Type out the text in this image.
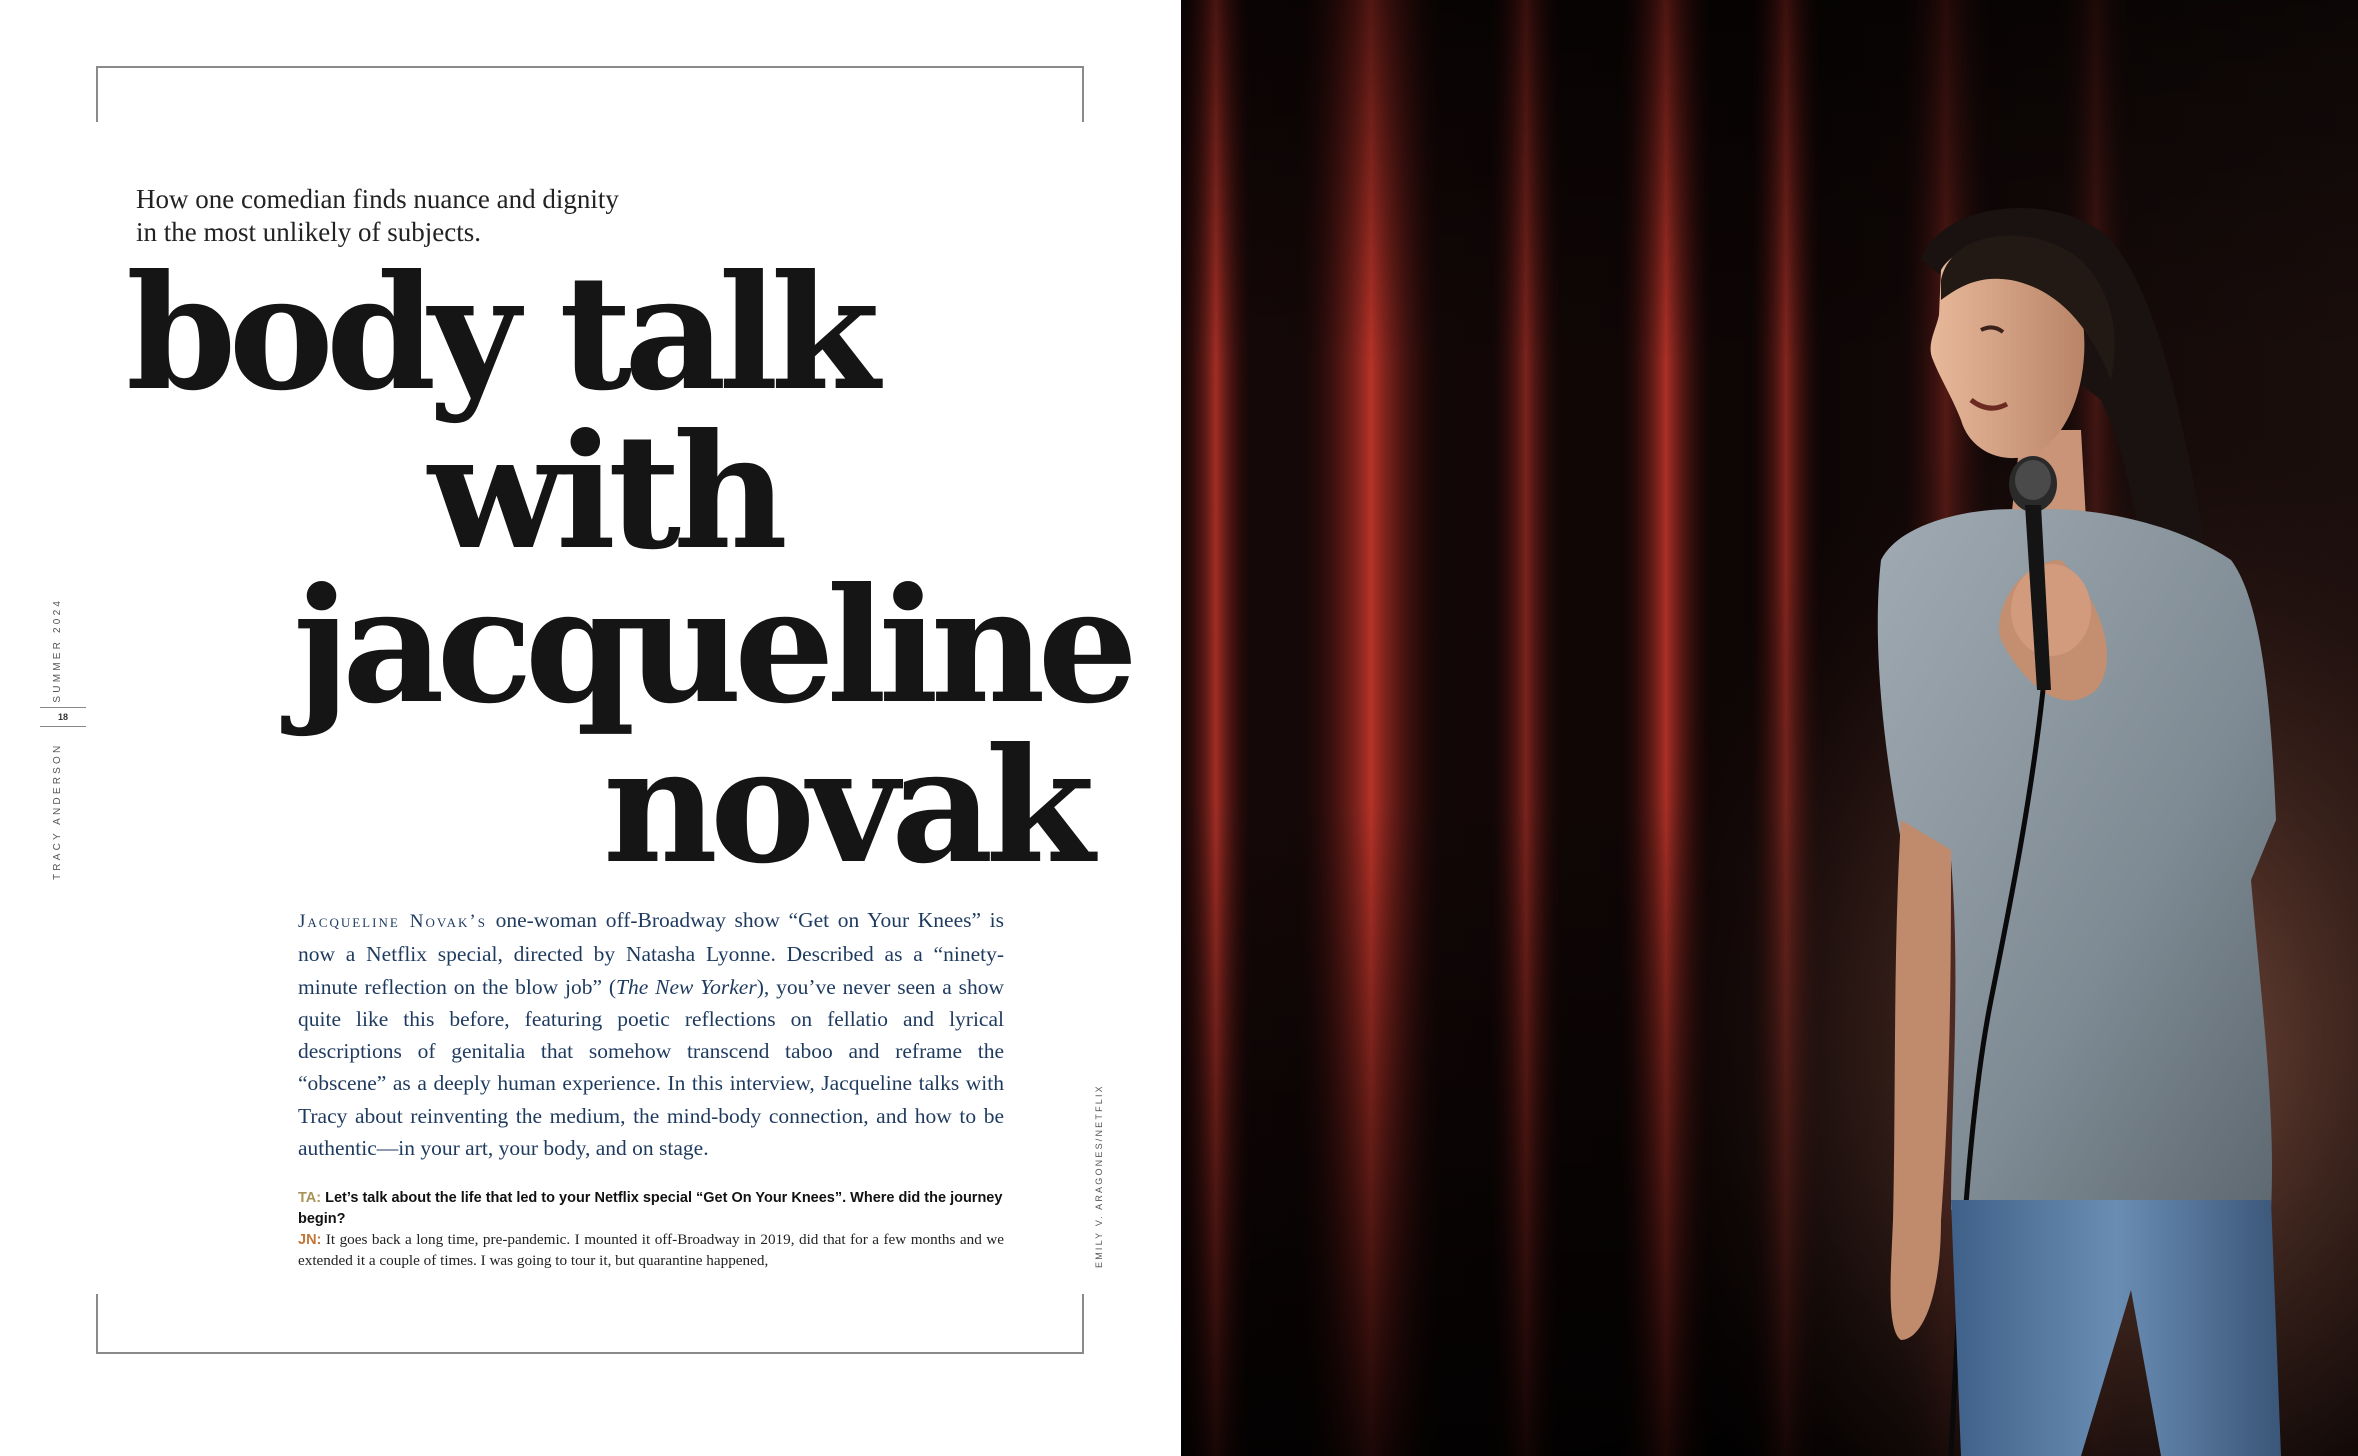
How one comedian finds nuance and dignity
in the most unlikely of subjects.
body talk
with
jacqueline
novak
Jacqueline Novak’s one-woman off-Broadway show “Get on Your Knees” is now a Netflix special, directed by Natasha Lyonne. Described as a “ninety-minute reflection on the blow job” (The New Yorker), you’ve never seen a show quite like this before, featuring poetic reflections on fellatio and lyrical descriptions of genitalia that somehow transcend taboo and reframe the “obscene” as a deeply human experience. In this interview, Jacqueline talks with Tracy about reinventing the medium, the mind-body connection, and how to be authentic—in your art, your body, and on stage.
TA: Let’s talk about the life that led to your Netflix special “Get On Your Knees”. Where did the journey begin?
JN: It goes back a long time, pre-pandemic. I mounted it off-Broadway in 2019, did that for a few months and we extended it a couple of times. I was going to tour it, but quarantine happened,
TRACY ANDERSONSUMMER 2024
18
EMILY V. ARAGONES/NETFLIX
